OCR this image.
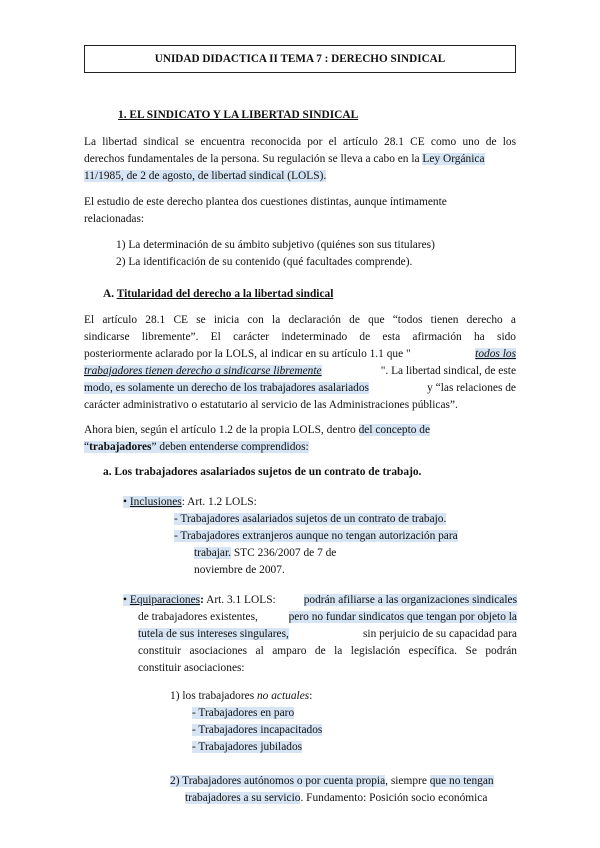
UNIDAD DIDACTICA II TEMA 7 : DERECHO SINDICAL
1. EL SINDICATO Y LA LIBERTAD SINDICAL
La libertad sindical se encuentra reconocida por el artículo 28.1 CE como uno de los
derechos fundamentales de la persona. Su regulación se lleva a cabo en la Ley Orgánica
11/1985, de 2 de agosto, de libertad sindical (LOLS).
El estudio de este derecho plantea dos cuestiones distintas, aunque íntimamente
relacionadas:
1) La determinación de su ámbito subjetivo (quiénes son sus titulares)
2) La identificación de su contenido (qué facultades comprende).
A. Titularidad del derecho a la libertad sindical
El artículo 28.1 CE se inicia con la declaración de que “todos tienen derecho a
sindicarse libremente”. El carácter indeterminado de esta afirmación ha sido
posteriormente aclarado por la LOLS, al indicar en su artículo 1.1 que "	todos los
trabajadores tienen derecho a sindicarse libremente	". La libertad sindical, de este
modo, es solamente un derecho de los trabajadores asalariados	y “las relaciones de
carácter administrativo o estatutario al servicio de las Administraciones públicas”.
Ahora bien, según el artículo 1.2 de la propia LOLS, dentro del concepto de
“trabajadores” deben entenderse comprendidos:
a. Los trabajadores asalariados sujetos de un contrato de trabajo.
• Inclusiones: Art. 1.2 LOLS:
- Trabajadores asalariados sujetos de un contrato de trabajo.
- Trabajadores extranjeros aunque no tengan autorización para
trabajar. STC 236/2007 de 7 de
noviembre de 2007.
• Equiparaciones: Art. 3.1 LOLS: podrán afiliarse a las organizaciones sindicales
de trabajadores existentes,	pero no fundar sindicatos que tengan por objeto la
tutela de sus intereses singulares,	sin perjuicio de su capacidad para
constituir asociaciones al amparo de la legislación específica. Se podrán
constituir asociaciones:
1) los trabajadores no actuales:
- Trabajadores en paro
- Trabajadores incapacitados
- Trabajadores jubilados
2) Trabajadores autónomos o por cuenta propia, siempre que no tengan
trabajadores a su servicio. Fundamento: Posición socio económica
